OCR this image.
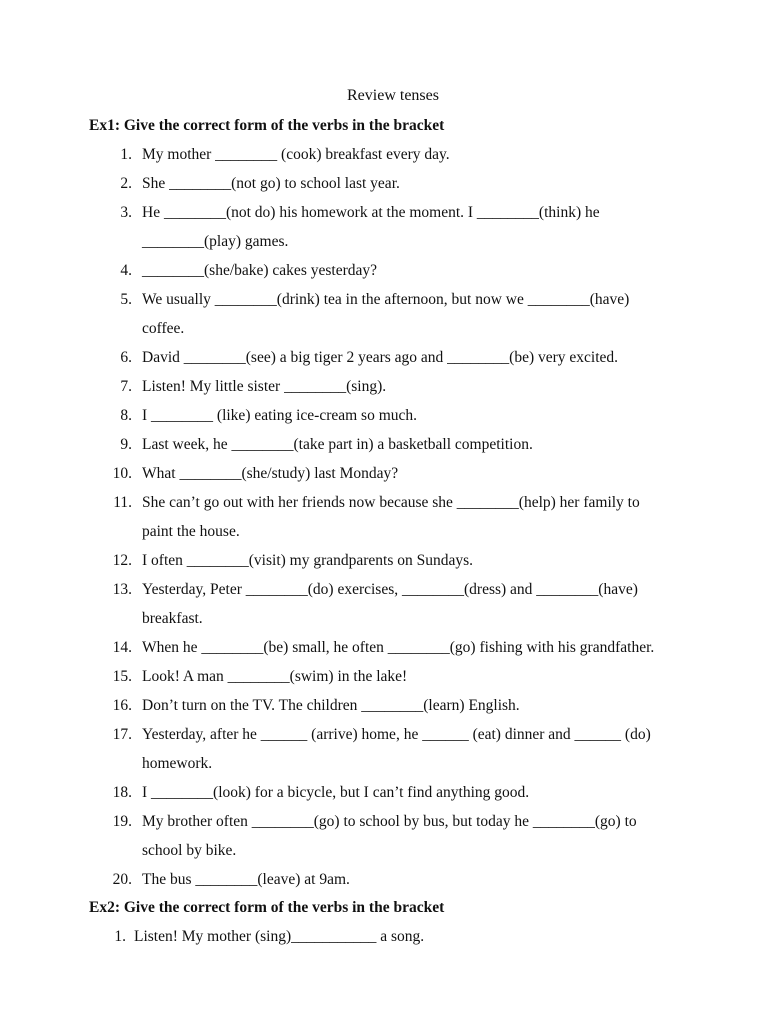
Review tenses
Ex1: Give the correct form of the verbs in the bracket
1. My mother ________ (cook) breakfast every day.
2. She ________(not go) to school last year.
3. He ________(not do) his homework at the moment. I ________(think) he
________(play) games.
4. ________(she/bake) cakes yesterday?
5. We usually ________(drink) tea in the afternoon, but now we ________(have)
coffee.
6. David ________(see) a big tiger 2 years ago and ________(be) very excited.
7. Listen! My little sister ________(sing).
8. I ________ (like) eating ice-cream so much.
9. Last week, he ________(take part in) a basketball competition.
10. What ________(she/study) last Monday?
11. She can’t go out with her friends now because she ________(help) her family to
paint the house.
12. I often ________(visit) my grandparents on Sundays.
13. Yesterday, Peter ________(do) exercises, ________(dress) and ________(have)
breakfast.
14. When he ________(be) small, he often ________(go) fishing with his grandfather.
15. Look! A man ________(swim) in the lake!
16. Don’t turn on the TV. The children ________(learn) English.
17. Yesterday, after he ______ (arrive) home, he ______ (eat) dinner and ______ (do)
homework.
18. I ________(look) for a bicycle, but I can’t find anything good.
19. My brother often ________(go) to school by bus, but today he ________(go) to
school by bike.
20. The bus ________(leave) at 9am.
Ex2: Give the correct form of the verbs in the bracket
1. Listen! My mother (sing)___________ a song.
